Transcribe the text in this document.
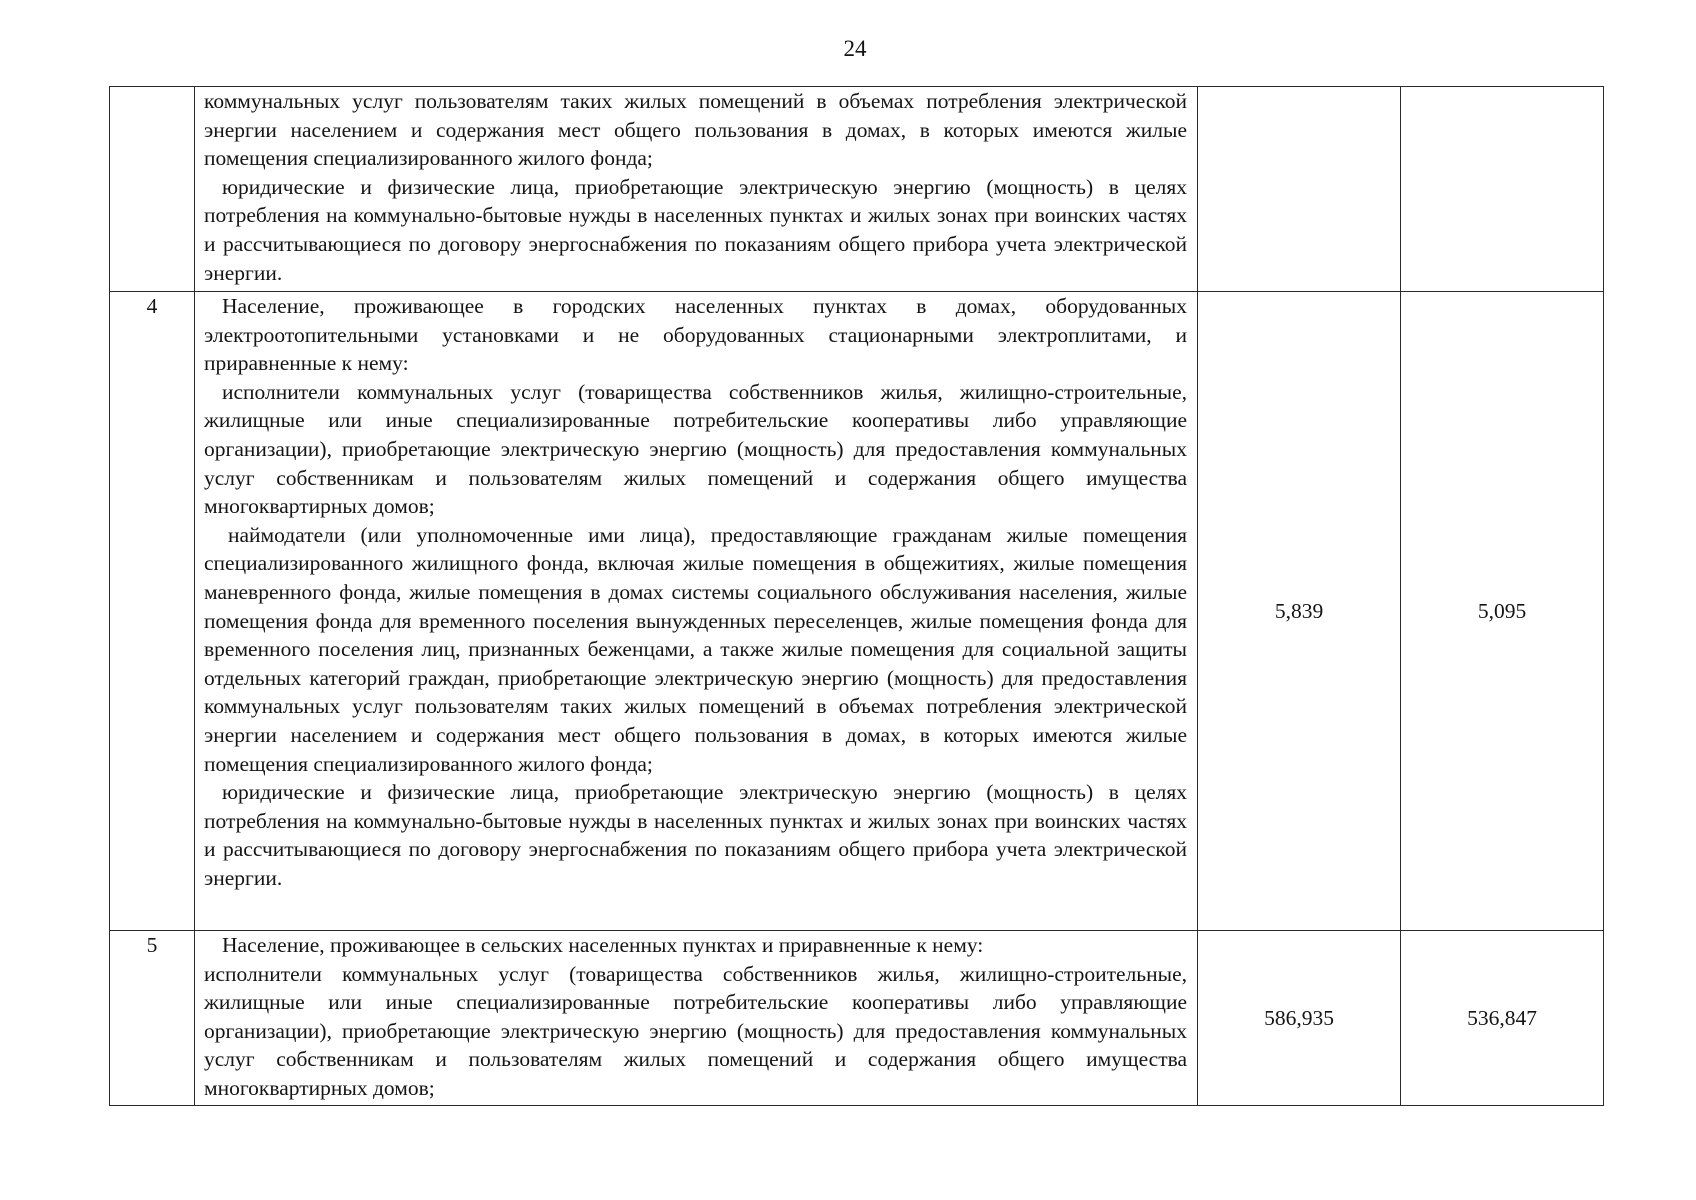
24

	коммунальных услуг пользователям таких жилых помещений в объемах потребления электрической энергии населением и содержания мест общего пользования в домах, в которых имеются жилые помещения специализированного жилого фонда;

юридические и физические лица, приобретающие электрическую энергию (мощность) в целях потребления на коммунально-бытовые нужды в населенных пунктах и жилых зонах при воинских частях и рассчитывающиеся по договору энергоснабжения по показаниям общего прибора учета электрической энергии.		

4	Население, проживающее в городских населенных пунктах в домах, оборудованных электроотопительными установками и не оборудованных стационарными электроплитами, и приравненные к нему:

исполнители коммунальных услуг (товарищества собственников жилья, жилищно-строительные, жилищные или иные специализированные потребительские кооперативы либо управляющие организации), приобретающие электрическую энергию (мощность) для предоставления коммунальных услуг собственникам и пользователям жилых помещений и содержания общего имущества многоквартирных домов;

наймодатели (или уполномоченные ими лица), предоставляющие гражданам жилые помещения специализированного жилищного фонда, включая жилые помещения в общежитиях, жилые помещения маневренного фонда, жилые помещения в домах системы социального обслуживания населения, жилые помещения фонда для временного поселения вынужденных переселенцев, жилые помещения фонда для временного поселения лиц, признанных беженцами, а также жилые помещения для социальной защиты отдельных категорий граждан, приобретающие электрическую энергию (мощность) для предоставления коммунальных услуг пользователям таких жилых помещений в объемах потребления электрической энергии населением и содержания мест общего пользования в домах, в которых имеются жилые помещения специализированного жилого фонда;

юридические и физические лица, приобретающие электрическую энергию (мощность) в целях потребления на коммунально-бытовые нужды в населенных пунктах и жилых зонах при воинских частях и рассчитывающиеся по договору энергоснабжения по показаниям общего прибора учета электрической энергии.	5,839	5,095
5	Население, проживающее в сельских населенных пунктах и приравненные к нему:

исполнители коммунальных услуг (товарищества собственников жилья, жилищно-строительные, жилищные или иные специализированные потребительские кооперативы либо управляющие организации), приобретающие электрическую энергию (мощность) для предоставления коммунальных услуг собственникам и пользователям жилых помещений и содержания общего имущества многоквартирных домов;	586,935	536,847
